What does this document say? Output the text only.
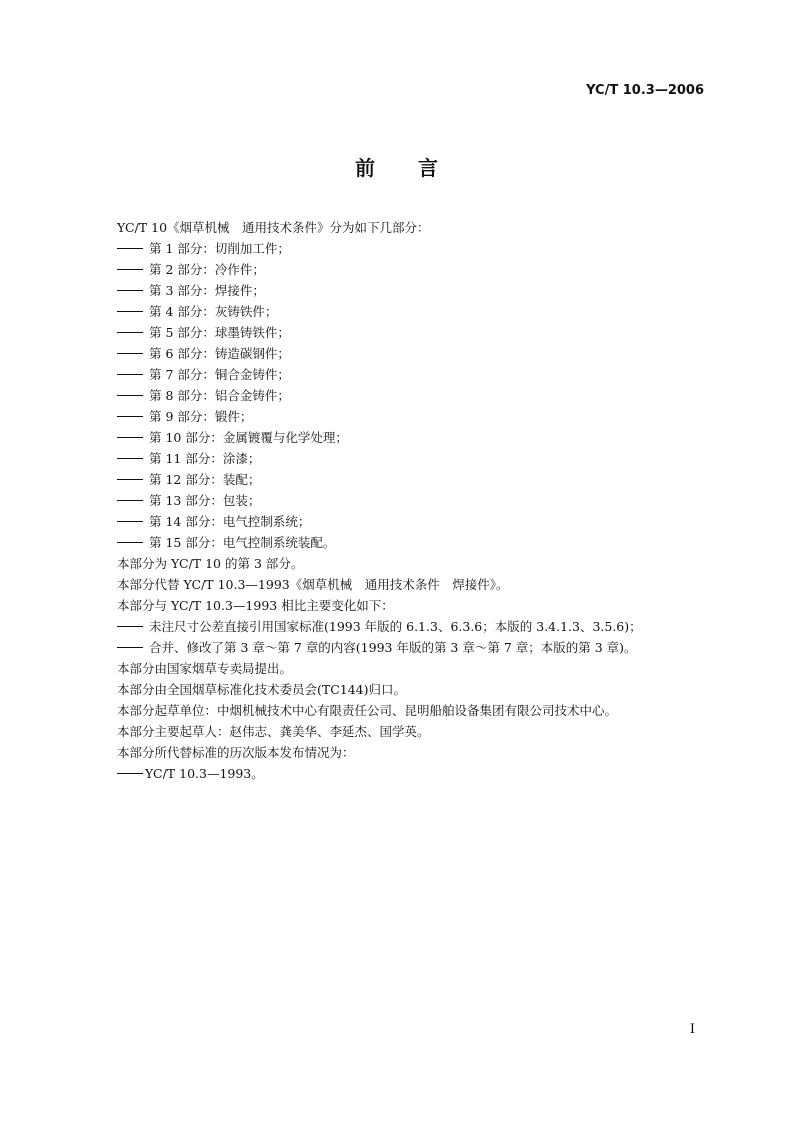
YC/T 10.3—2006
前 言
YC/T 10《烟草机械　通用技术条件》分为如下几部分：
第 1 部分：切削加工件；
第 2 部分：冷作件；
第 3 部分：焊接件；
第 4 部分：灰铸铁件；
第 5 部分：球墨铸铁件；
第 6 部分：铸造碳钢件；
第 7 部分：铜合金铸件；
第 8 部分：铝合金铸件；
第 9 部分：锻件；
第 10 部分：金属镀覆与化学处理；
第 11 部分：涂漆；
第 12 部分：装配；
第 13 部分：包装；
第 14 部分：电气控制系统；
第 15 部分：电气控制系统装配。
本部分为 YC/T 10 的第 3 部分。
本部分代替 YC/T 10.3—1993《烟草机械　通用技术条件　焊接件》。
本部分与 YC/T 10.3—1993 相比主要变化如下：
未注尺寸公差直接引用国家标准(1993 年版的 6.1.3、6.3.6；本版的 3.4.1.3、3.5.6)；
合并、修改了第 3 章～第 7 章的内容(1993 年版的第 3 章～第 7 章；本版的第 3 章)。
本部分由国家烟草专卖局提出。
本部分由全国烟草标准化技术委员会(TC144)归口。
本部分起草单位：中烟机械技术中心有限责任公司、昆明船舶设备集团有限公司技术中心。
本部分主要起草人：赵伟志、龚美华、李延杰、国学英。
本部分所代替标准的历次版本发布情况为：
YC/T 10.3—1993。
I
